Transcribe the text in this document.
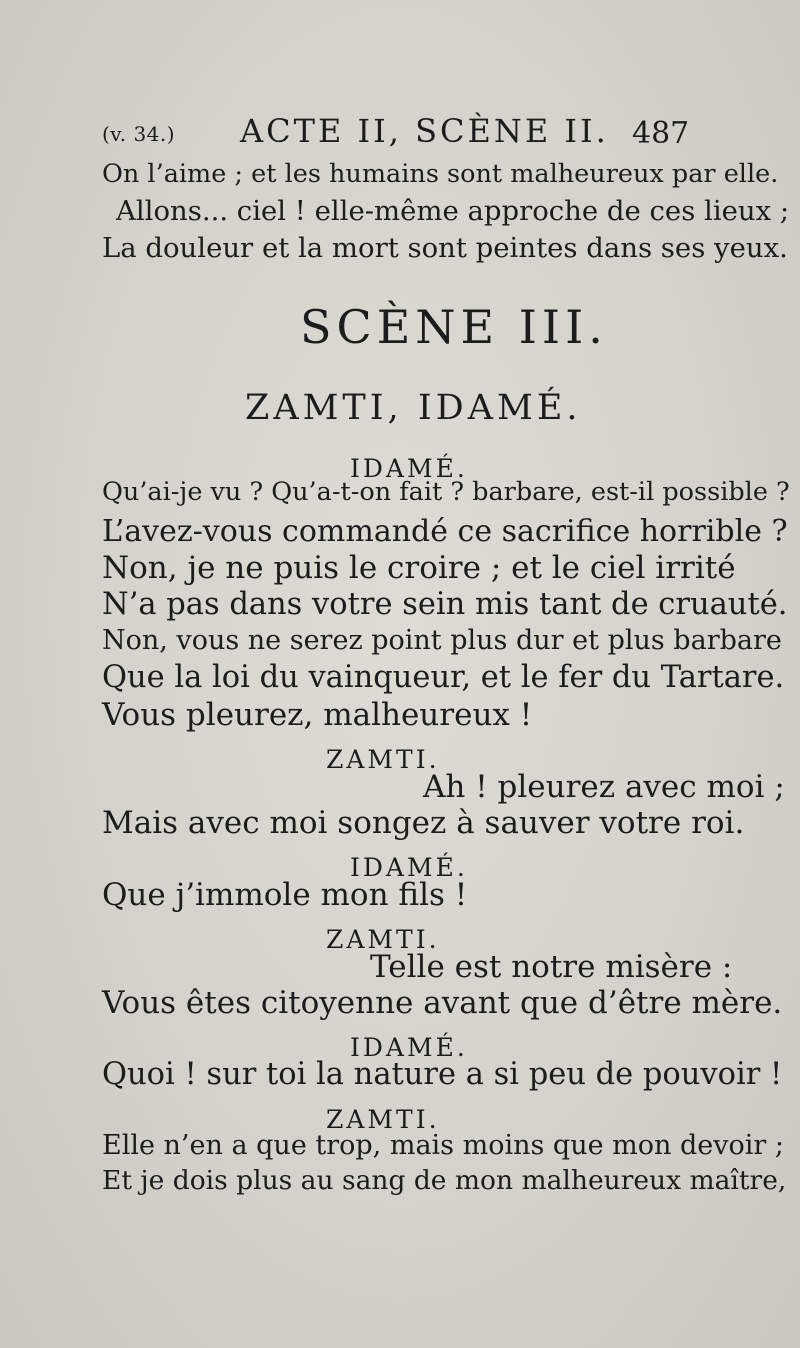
(v. 34.) ACTE II, SCÈNE II. 487
On l’aime ; et les humains sont malheureux par elle.
Allons... ciel ! elle-même approche de ces lieux ;
La douleur et la mort sont peintes dans ses yeux.
SCÈNE III.
ZAMTI, IDAMÉ.
IDAMÉ.
Qu’ai-je vu ? Qu’a-t-on fait ? barbare, est-il possible ?
L’avez-vous commandé ce sacrifice horrible ?
Non, je ne puis le croire ; et le ciel irrité
N’a pas dans votre sein mis tant de cruauté.
Non, vous ne serez point plus dur et plus barbare
Que la loi du vainqueur, et le fer du Tartare.
Vous pleurez, malheureux !
ZAMTI.
Ah ! pleurez avec moi ;
Mais avec moi songez à sauver votre roi.
IDAMÉ.
Que j’immole mon fils !
ZAMTI.
Telle est notre misère :
Vous êtes citoyenne avant que d’être mère.
IDAMÉ.
Quoi ! sur toi la nature a si peu de pouvoir !
ZAMTI.
Elle n’en a que trop, mais moins que mon devoir ;
Et je dois plus au sang de mon malheureux maître,
